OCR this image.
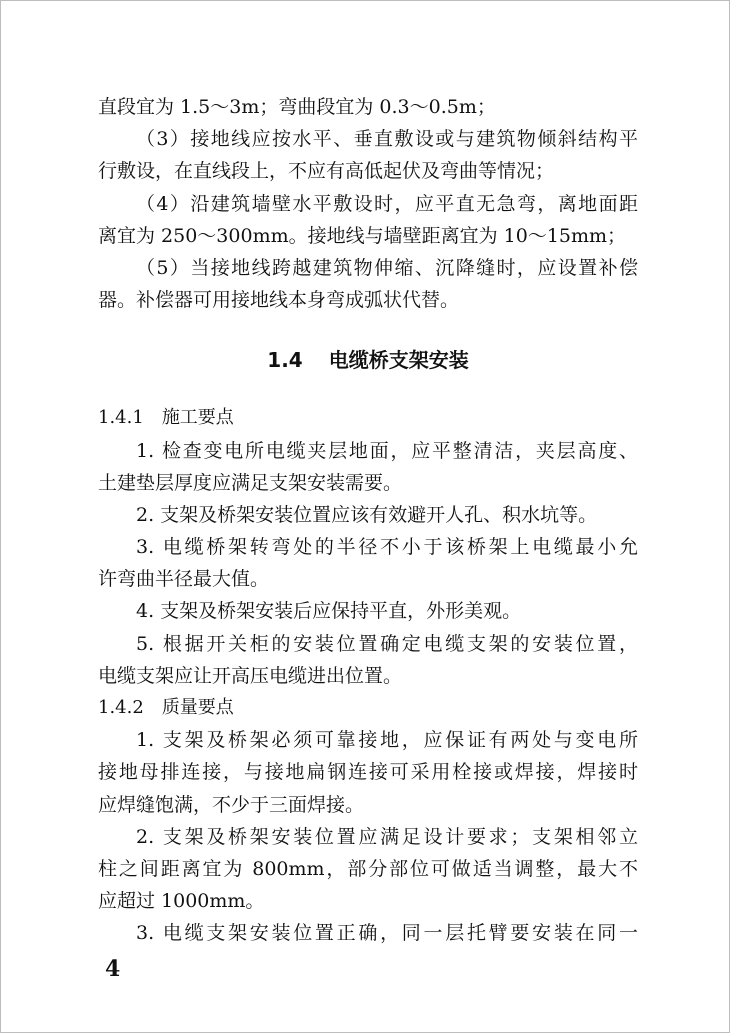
直段宜为 1.5～3m；弯曲段宜为 0.3～0.5m；
（3）接地线应按水平、垂直敷设或与建筑物倾斜结构平
行敷设，在直线段上，不应有高低起伏及弯曲等情况；
（4）沿建筑墙壁水平敷设时，应平直无急弯，离地面距
离宜为 250～300mm。接地线与墙壁距离宜为 10～15mm；
（5）当接地线跨越建筑物伸缩、沉降缝时，应设置补偿
器。补偿器可用接地线本身弯成弧状代替。
1.4 电缆桥支架安装
1.4.1 施工要点
1. 检查变电所电缆夹层地面，应平整清洁，夹层高度、
土建垫层厚度应满足支架安装需要。
2. 支架及桥架安装位置应该有效避开人孔、积水坑等。
3. 电缆桥架转弯处的半径不小于该桥架上电缆最小允
许弯曲半径最大值。
4. 支架及桥架安装后应保持平直，外形美观。
5. 根据开关柜的安装位置确定电缆支架的安装位置，
电缆支架应让开高压电缆进出位置。
1.4.2 质量要点
1. 支架及桥架必须可靠接地，应保证有两处与变电所
接地母排连接，与接地扁钢连接可采用栓接或焊接，焊接时
应焊缝饱满，不少于三面焊接。
2. 支架及桥架安装位置应满足设计要求；支架相邻立
柱之间距离宜为 800mm，部分部位可做适当调整，最大不
应超过 1000mm。
3. 电缆支架安装位置正确，同一层托臂要安装在同一
4
